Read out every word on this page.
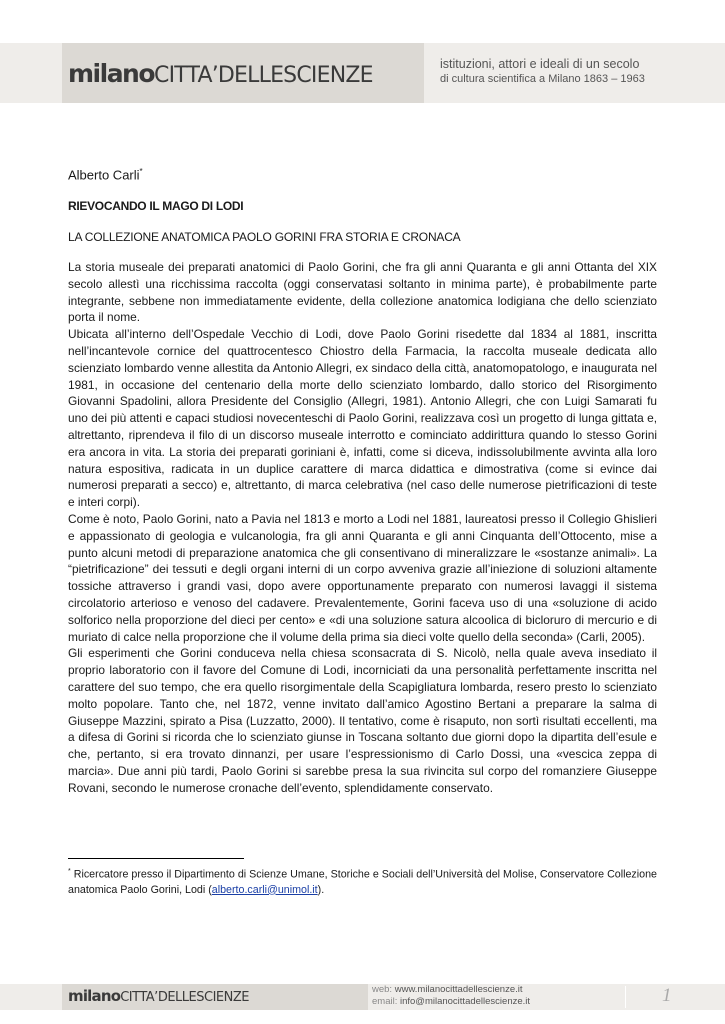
milanoCITTA’DELLESCIENZE	istituzioni, attori e ideali di un secolo
di cultura scientifica a Milano 1863 – 1963

Alberto Carli*

RIEVOCANDO IL MAGO DI LODI

LA COLLEZIONE ANATOMICA PAOLO GORINI FRA STORIA E CRONACA

La storia museale dei preparati anatomici di Paolo Gorini, che fra gli anni Quaranta e gli anni Ottanta del XIX secolo allestì una ricchissima raccolta (oggi conservatasi soltanto in minima parte), è probabilmente parte integrante, sebbene non immediatamente evidente, della collezione anatomica lodigiana che dello scienziato porta il nome.

Ubicata all’interno dell’Ospedale Vecchio di Lodi, dove Paolo Gorini risedette dal 1834 al 1881, inscritta nell’incantevole cornice del quattrocentesco Chiostro della Farmacia, la raccolta museale dedicata allo scienziato lombardo venne allestita da Antonio Allegri, ex sindaco della città, anatomopatologo, e inaugurata nel 1981, in occasione del centenario della morte dello scienziato lombardo, dallo storico del Risorgimento Giovanni Spadolini, allora Presidente del Consiglio (Allegri, 1981). Antonio Allegri, che con Luigi Samarati fu uno dei più attenti e capaci studiosi novecenteschi di Paolo Gorini, realizzava così un progetto di lunga gittata e, altrettanto, riprendeva il filo di un discorso museale interrotto e cominciato addirittura quando lo stesso Gorini era ancora in vita. La storia dei preparati goriniani è, infatti, come si diceva, indissolubilmente avvinta alla loro natura espositiva, radicata in un duplice carattere di marca didattica e dimostrativa (come si evince dai numerosi preparati a secco) e, altrettanto, di marca celebrativa (nel caso delle numerose pietrificazioni di teste e interi corpi).

Come è noto, Paolo Gorini, nato a Pavia nel 1813 e morto a Lodi nel 1881, laureatosi presso il Collegio Ghislieri e appassionato di geologia e vulcanologia, fra gli anni Quaranta e gli anni Cinquanta dell’Ottocento, mise a punto alcuni metodi di preparazione anatomica che gli consentivano di mineralizzare le «sostanze animali». La “pietrificazione” dei tessuti e degli organi interni di un corpo avveniva grazie all’iniezione di soluzioni altamente tossiche attraverso i grandi vasi, dopo avere opportunamente preparato con numerosi lavaggi il sistema circolatorio arterioso e venoso del cadavere. Prevalentemente, Gorini faceva uso di una «soluzione di acido solforico nella proporzione del dieci per cento» e «di una soluzione satura alcoolica di bicloruro di mercurio e di muriato di calce nella proporzione che il volume della prima sia dieci volte quello della seconda» (Carli, 2005).

Gli esperimenti che Gorini conduceva nella chiesa sconsacrata di S. Nicolò, nella quale aveva insediato il proprio laboratorio con il favore del Comune di Lodi, incorniciati da una personalità perfettamente inscritta nel carattere del suo tempo, che era quello risorgimentale della Scapigliatura lombarda, resero presto lo scienziato molto popolare. Tanto che, nel 1872, venne invitato dall’amico Agostino Bertani a preparare la salma di Giuseppe Mazzini, spirato a Pisa (Luzzatto, 2000). Il tentativo, come è risaputo, non sortì risultati eccellenti, ma a difesa di Gorini si ricorda che lo scienziato giunse in Toscana soltanto due giorni dopo la dipartita dell’esule e che, pertanto, si era trovato dinnanzi, per usare l’espressionismo di Carlo Dossi, una «vescica zeppa di marcia». Due anni più tardi, Paolo Gorini si sarebbe presa la sua rivincita sul corpo del romanziere Giuseppe Rovani, secondo le numerose cronache dell’evento, splendidamente conservato.

* Ricercatore presso il Dipartimento di Scienze Umane, Storiche e Sociali dell’Università del Molise, Conservatore Collezione anatomica Paolo Gorini, Lodi (alberto.carli@unimol.it).
milanoCITTA’DELLESCIENZE
web: www.milanocittadellescienze.it
email: info@milanocittadellescienze.it	1
